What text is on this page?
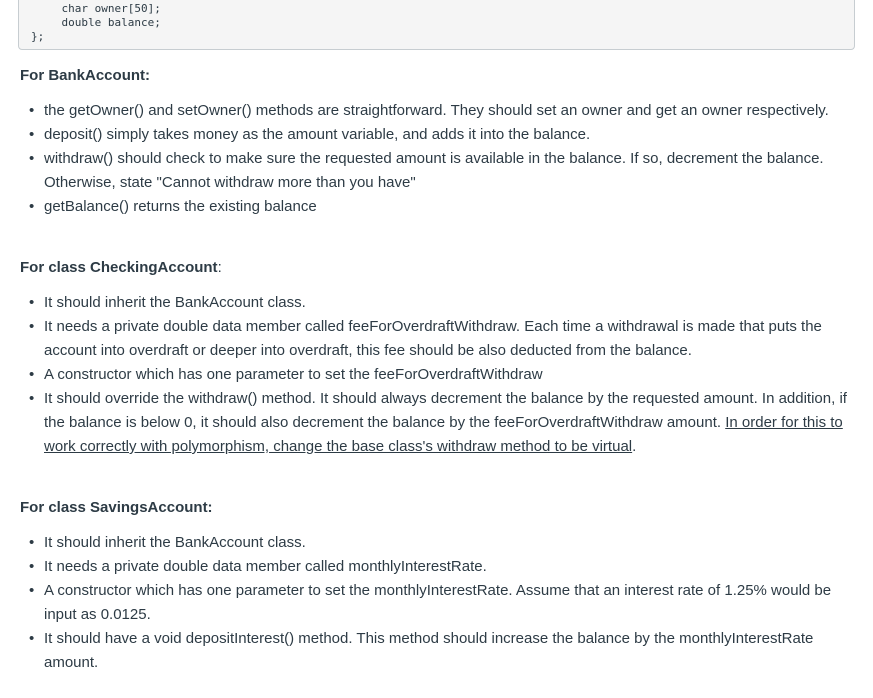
char owner[50];
double balance;
};
For BankAccount:
• the getOwner() and setOwner() methods are straightforward. They should set an owner and get an owner respectively.
• deposit() simply takes money as the amount variable, and adds it into the balance.
• withdraw() should check to make sure the requested amount is available in the balance. If so, decrement the balance. Otherwise, state "Cannot withdraw more than you have"
• getBalance() returns the existing balance
For class CheckingAccount:
• It should inherit the BankAccount class.
• It needs a private double data member called feeForOverdraftWithdraw. Each time a withdrawal is made that puts the account into overdraft or deeper into overdraft, this fee should be also deducted from the balance.
• A constructor which has one parameter to set the feeForOverdraftWithdraw
• It should override the withdraw() method. It should always decrement the balance by the requested amount. In addition, if the balance is below 0, it should also decrement the balance by the feeForOverdraftWithdraw amount. In order for this to work correctly with polymorphism, change the base class's withdraw method to be virtual.
For class SavingsAccount:
• It should inherit the BankAccount class.
• It needs a private double data member called monthlyInterestRate.
• A constructor which has one parameter to set the monthlyInterestRate. Assume that an interest rate of 1.25% would be input as 0.0125.
• It should have a void depositInterest() method. This method should increase the balance by the monthlyInterestRate amount.
